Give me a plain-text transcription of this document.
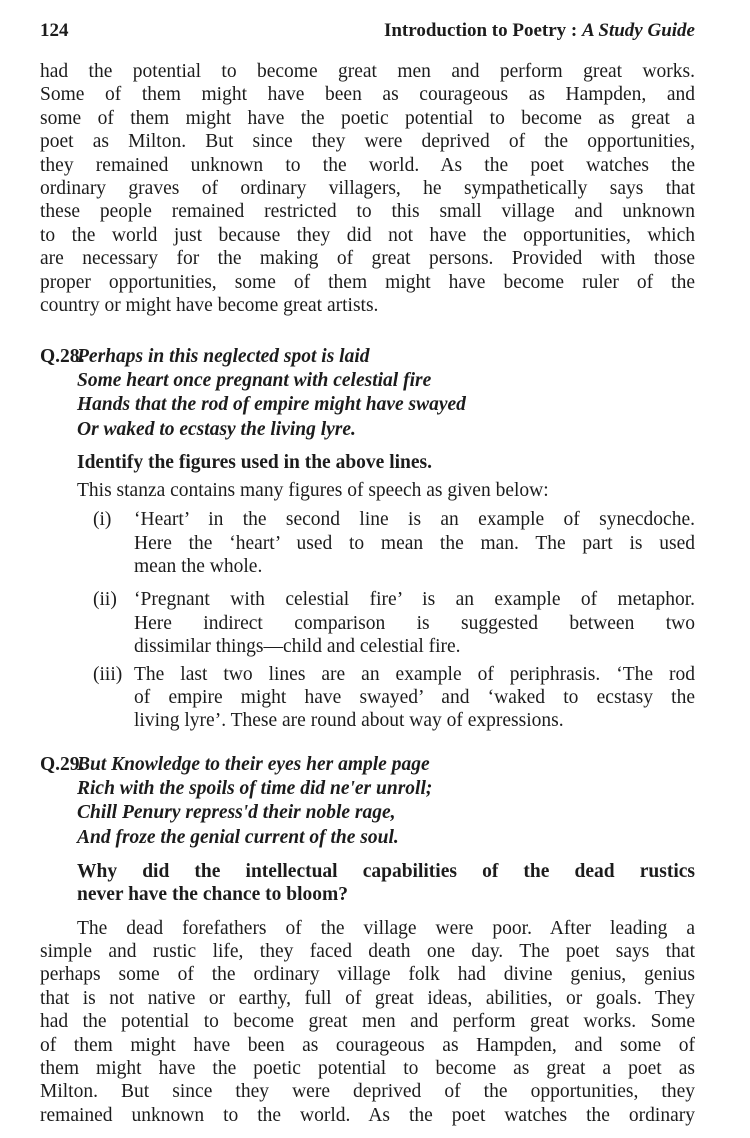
124	Introduction to Poetry : A Study Guide
had the potential to become great men and perform great works.
Some of them might have been as courageous as Hampden, and
some of them might have the poetic potential to become as great a
poet as Milton. But since they were deprived of the opportunities,
they remained unknown to the world. As the poet watches the
ordinary graves of ordinary villagers, he sympathetically says that
these people remained restricted to this small village and unknown
to the world just because they did not have the opportunities, which
are necessary for the making of great persons. Provided with those
proper opportunities, some of them might have become ruler of the
country or might have become great artists.
Q.28.
Perhaps in this neglected spot is laid
Some heart once pregnant with celestial fire
Hands that the rod of empire might have swayed
Or waked to ecstasy the living lyre.
Identify the figures used in the above lines.
This stanza contains many figures of speech as given below:
(i) ‘Heart’ in the second line is an example of synecdoche.
Here the ‘heart’ used to mean the man. The part is used
mean the whole.
(ii) ‘Pregnant with celestial fire’ is an example of metaphor.
Here indirect comparison is suggested between two
dissimilar things—child and celestial fire.
(iii) The last two lines are an example of periphrasis. ‘The rod
of empire might have swayed’ and ‘waked to ecstasy the
living lyre’. These are round about way of expressions.
Q.29.
But Knowledge to their eyes her ample page
Rich with the spoils of time did ne'er unroll;
Chill Penury repress'd their noble rage,
And froze the genial current of the soul.
Why did the intellectual capabilities of the dead rustics
never have the chance to bloom?
The dead forefathers of the village were poor. After leading a
simple and rustic life, they faced death one day. The poet says that
perhaps some of the ordinary village folk had divine genius, genius
that is not native or earthy, full of great ideas, abilities, or goals. They
had the potential to become great men and perform great works. Some
of them might have been as courageous as Hampden, and some of
them might have the poetic potential to become as great a poet as
Milton. But since they were deprived of the opportunities, they
remained unknown to the world. As the poet watches the ordinary
